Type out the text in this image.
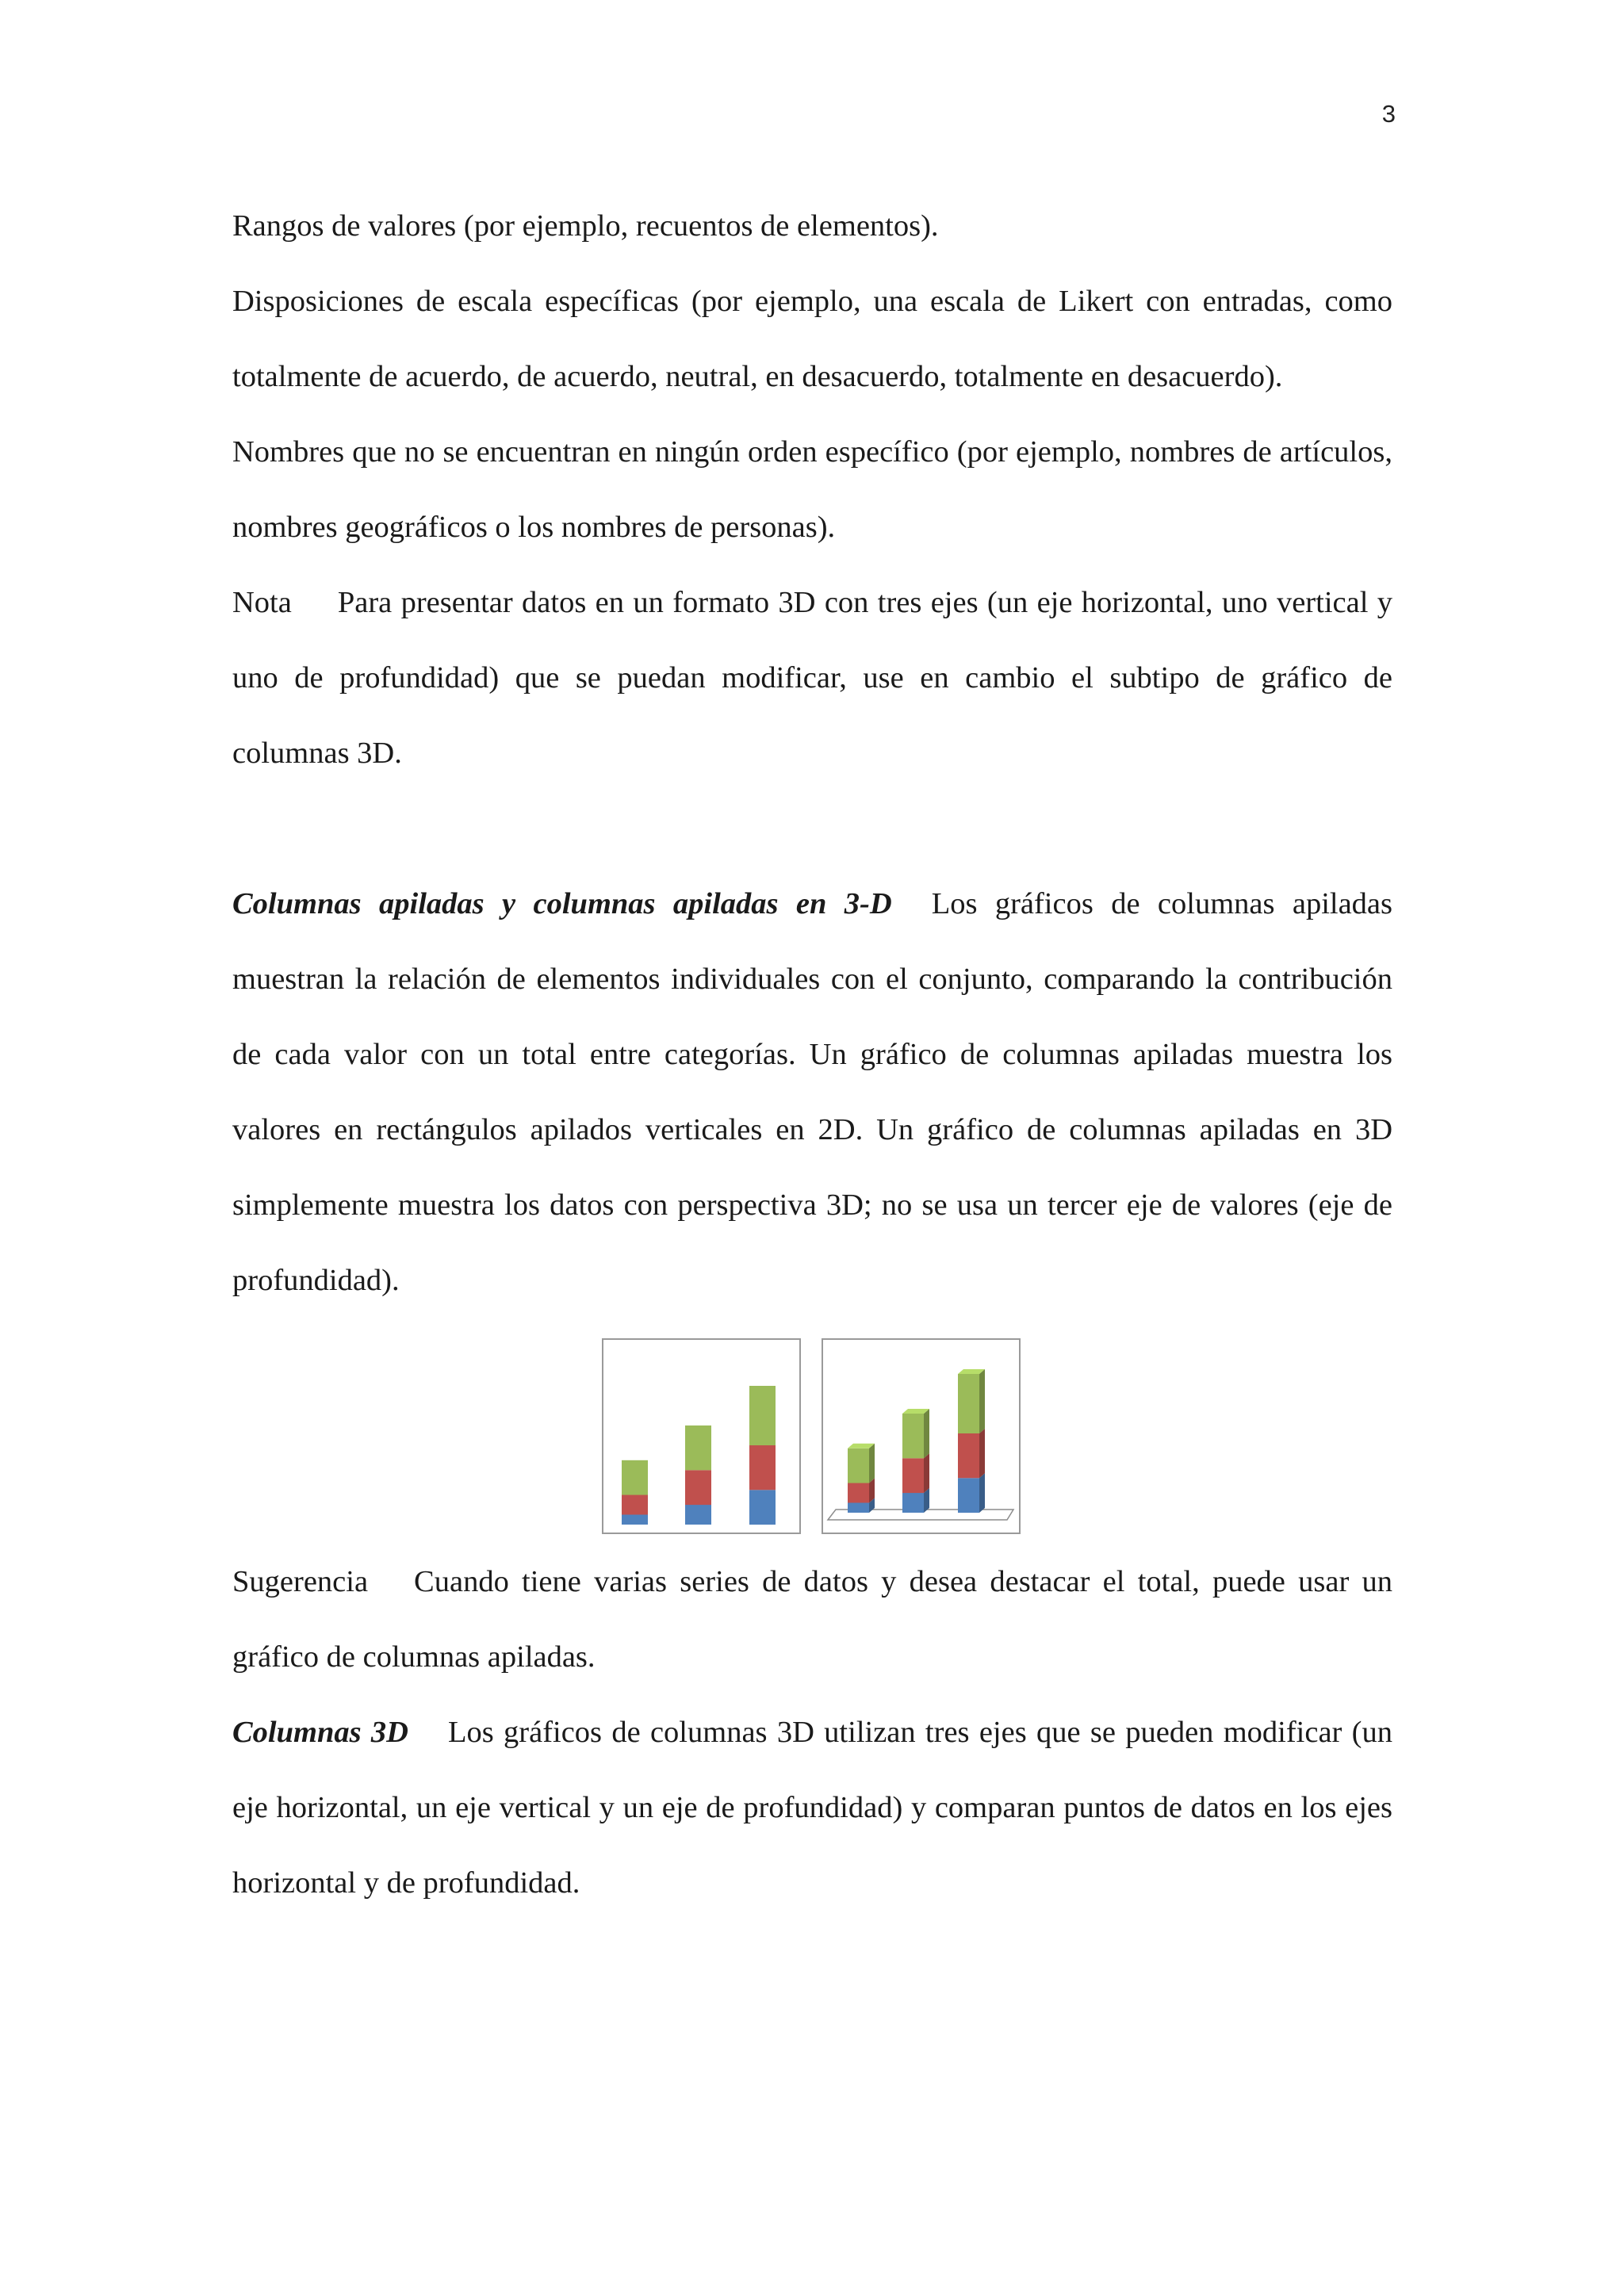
3

Rangos de valores (por ejemplo, recuentos de elementos).

Disposiciones de escala específicas (por ejemplo, una escala de Likert con entradas, como totalmente de acuerdo, de acuerdo, neutral, en desacuerdo, totalmente en desacuerdo).

Nombres que no se encuentran en ningún orden específico (por ejemplo, nombres de artículos, nombres geográficos o los nombres de personas).

Nota Para presentar datos en un formato 3D con tres ejes (un eje horizontal, uno vertical y uno de profundidad) que se puedan modificar, use en cambio el subtipo de gráfico de columnas 3D.

Columnas apiladas y columnas apiladas en 3-D Los gráficos de columnas apiladas muestran la relación de elementos individuales con el conjunto, comparando la contribución de cada valor con un total entre categorías. Un gráfico de columnas apiladas muestra los valores en rectángulos apilados verticales en 2D. Un gráfico de columnas apiladas en 3D simplemente muestra los datos con perspectiva 3D; no se usa un tercer eje de valores (eje de profundidad).

Sugerencia Cuando tiene varias series de datos y desea destacar el total, puede usar un gráfico de columnas apiladas.

Columnas 3D Los gráficos de columnas 3D utilizan tres ejes que se pueden modificar (un eje horizontal, un eje vertical y un eje de profundidad) y comparan puntos de datos en los ejes horizontal y de profundidad.
